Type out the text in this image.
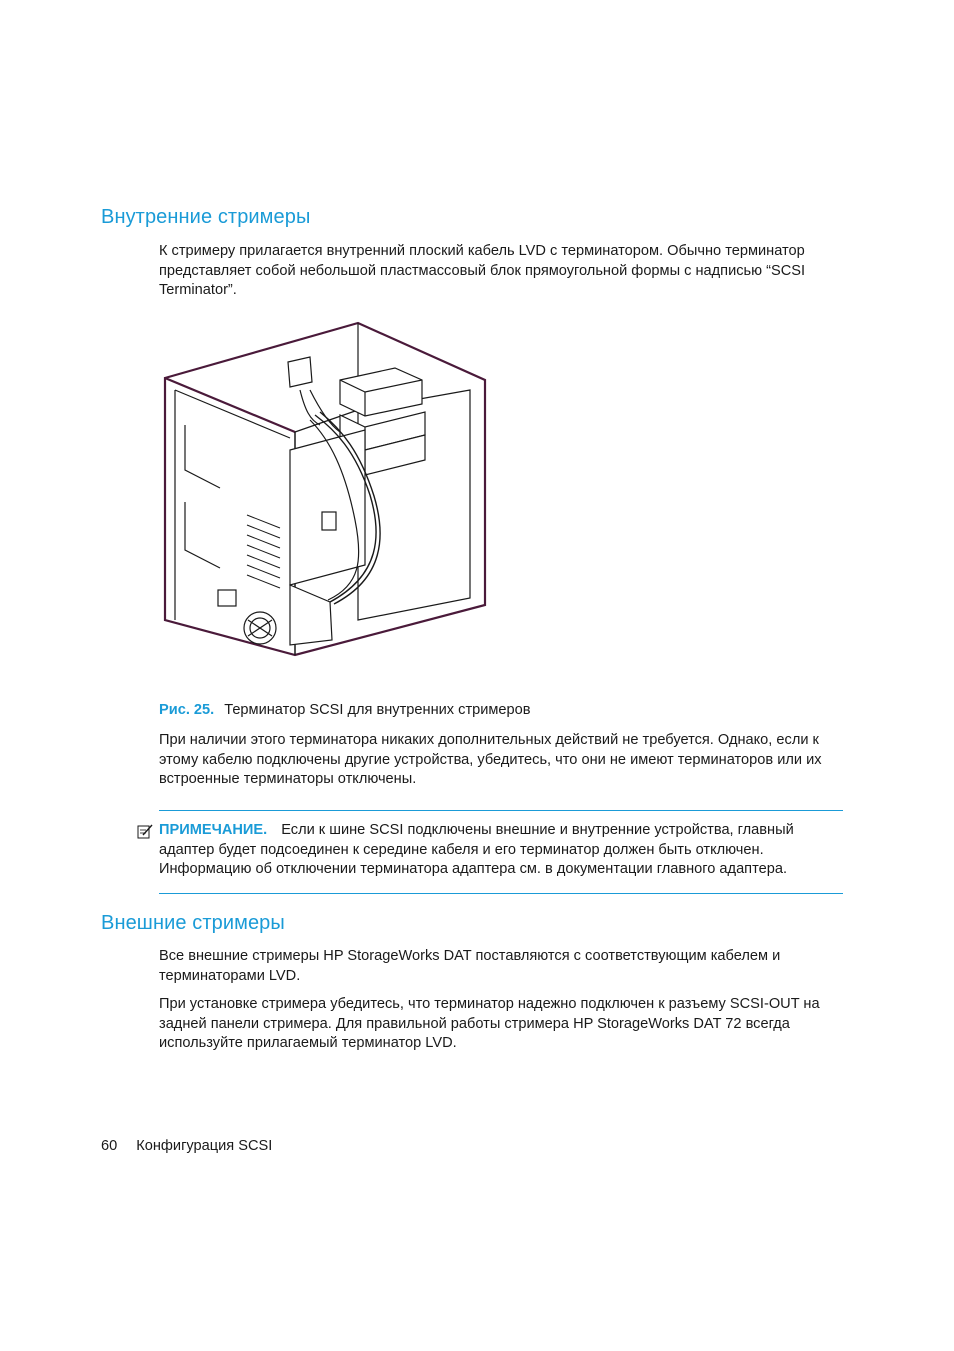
Внутренние стримеры

К стримеру прилагается внутренний плоский кабель LVD с терминатором. Обычно терминатор представляет собой небольшой пластмассовый блок прямоугольной формы с надписью “SCSI Terminator”.

Рис. 25. Терминатор SCSI для внутренних стримеров

При наличии этого терминатора никаких дополнительных действий не требуется. Однако, если к этому кабелю подключены другие устройства, убедитесь, что они не имеют терминаторов или их встроенные терминаторы отключены.

ПРИМЕЧАНИЕ. Если к шине SCSI подключены внешние и внутренние устройства, главный адаптер будет подсоединен к середине кабеля и его терминатор должен быть отключен. Информацию об отключении терминатора адаптера см. в документации главного адаптера.
Внешние стримеры

Все внешние стримеры HP StorageWorks DAT поставляются с соответствующим кабелем и терминаторами LVD.

При установке стримера убедитесь, что терминатор надежно подключен к разъему SCSI-OUT на задней панели стримера. Для правильной работы стримера HP StorageWorks DAT 72 всегда используйте прилагаемый терминатор LVD.

60 Конфигурация SCSI
